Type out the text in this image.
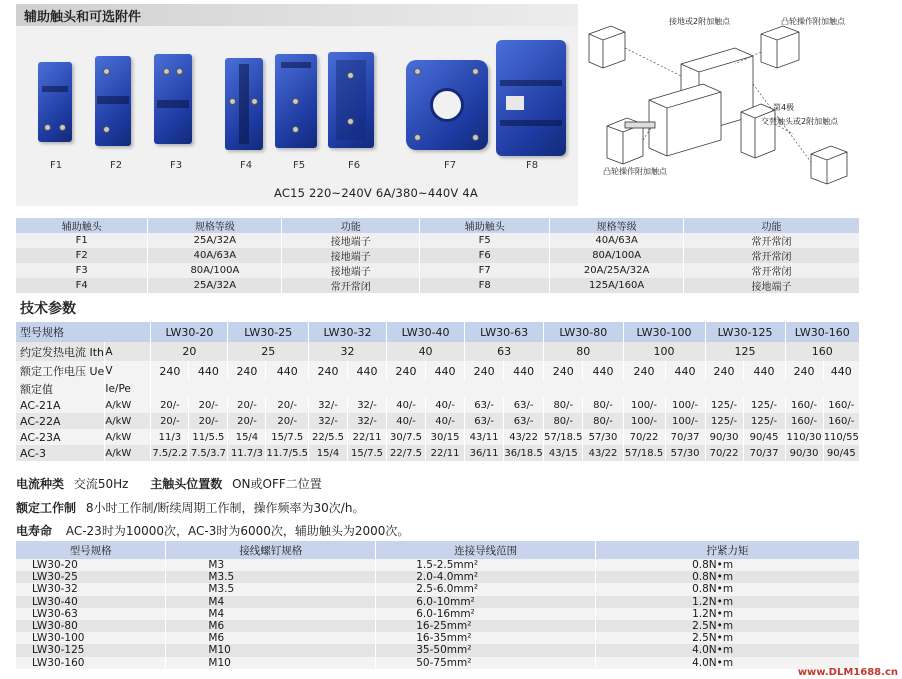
辅助触头和可选附件
F1	F2	F3	F4	F5	F6	F7	F8
AC15 220~240V 6A/380~440V 4A
接地或2附加触点	凸轮操作附加触点
第4极
交替触头或2附加触点
凸轮操作附加触点
辅助触头	规格等级	功能	辅助触头	规格等级	功能
F1	25A/32A	接地端子	F5	40A/63A	常开常闭
F2	40A/63A	接地端子	F6	80A/100A	常开常闭
F3	80A/100A	接地端子	F7	20A/25A/32A	常开常闭
F4	25A/32A	常开常闭	F8	125A/160A	接地端子
技术参数
型号规格		LW30-20		LW30-25		LW30-32		LW30-40		LW30-63		LW30-80		LW30-100		LW30-125		LW30-160	
约定发热电流 Ith	A	20		25		32		40		63		80		100		125		160	
额定工作电压 Ue	V	240	440	240	440	240	440	240	440	240	440	240	440	240	440	240	440	240	440
额定值	Ie/Pe																		
AC-21A	A/kW	20/-	20/-	20/-	20/-	32/-	32/-	40/-	40/-	63/-	63/-	80/-	80/-	100/-	100/-	125/-	125/-	160/-	160/-
AC-22A	A/kW	20/-	20/-	20/-	20/-	32/-	32/-	40/-	40/-	63/-	63/-	80/-	80/-	100/-	100/-	125/-	125/-	160/-	160/-
AC-23A	A/kW	11/3	11/5.5	15/4	15/7.5	22/5.5	22/11	30/7.5	30/15	43/11	43/22	57/18.5	57/30	70/22	70/37	90/30	90/45	110/30	110/55
AC-3	A/kW	7.5/2.2	7.5/3.7	11.7/3	11.7/5.5	15/4	15/7.5	22/7.5	22/11	36/11	36/18.5	43/15	43/22	57/18.5	57/30	70/22	70/37	90/30	90/45
电流种类 交流50Hz 主触头位置数 ON或OFF二位置
额定工作制 8小时工作制/断续周期工作制，操作频率为30次/h。
电寿命 AC-23时为10000次，AC-3时为6000次，辅助触头为2000次。
型号规格	接线螺钉规格	连接导线范围	拧紧力矩
LW30-20	M3	1.5-2.5mm²	0.8N•m
LW30-25	M3.5	2.0-4.0mm²	0.8N•m
LW30-32	M3.5	2.5-6.0mm²	0.8N•m
LW30-40	M4	6.0-10mm²	1.2N•m
LW30-63	M4	6.0-16mm²	1.2N•m
LW30-80	M6	16-25mm²	2.5N•m
LW30-100	M6	16-35mm²	2.5N•m
LW30-125	M10	35-50mm²	4.0N•m
LW30-160	M10	50-75mm²	4.0N•m
www.DLM1688.cn
